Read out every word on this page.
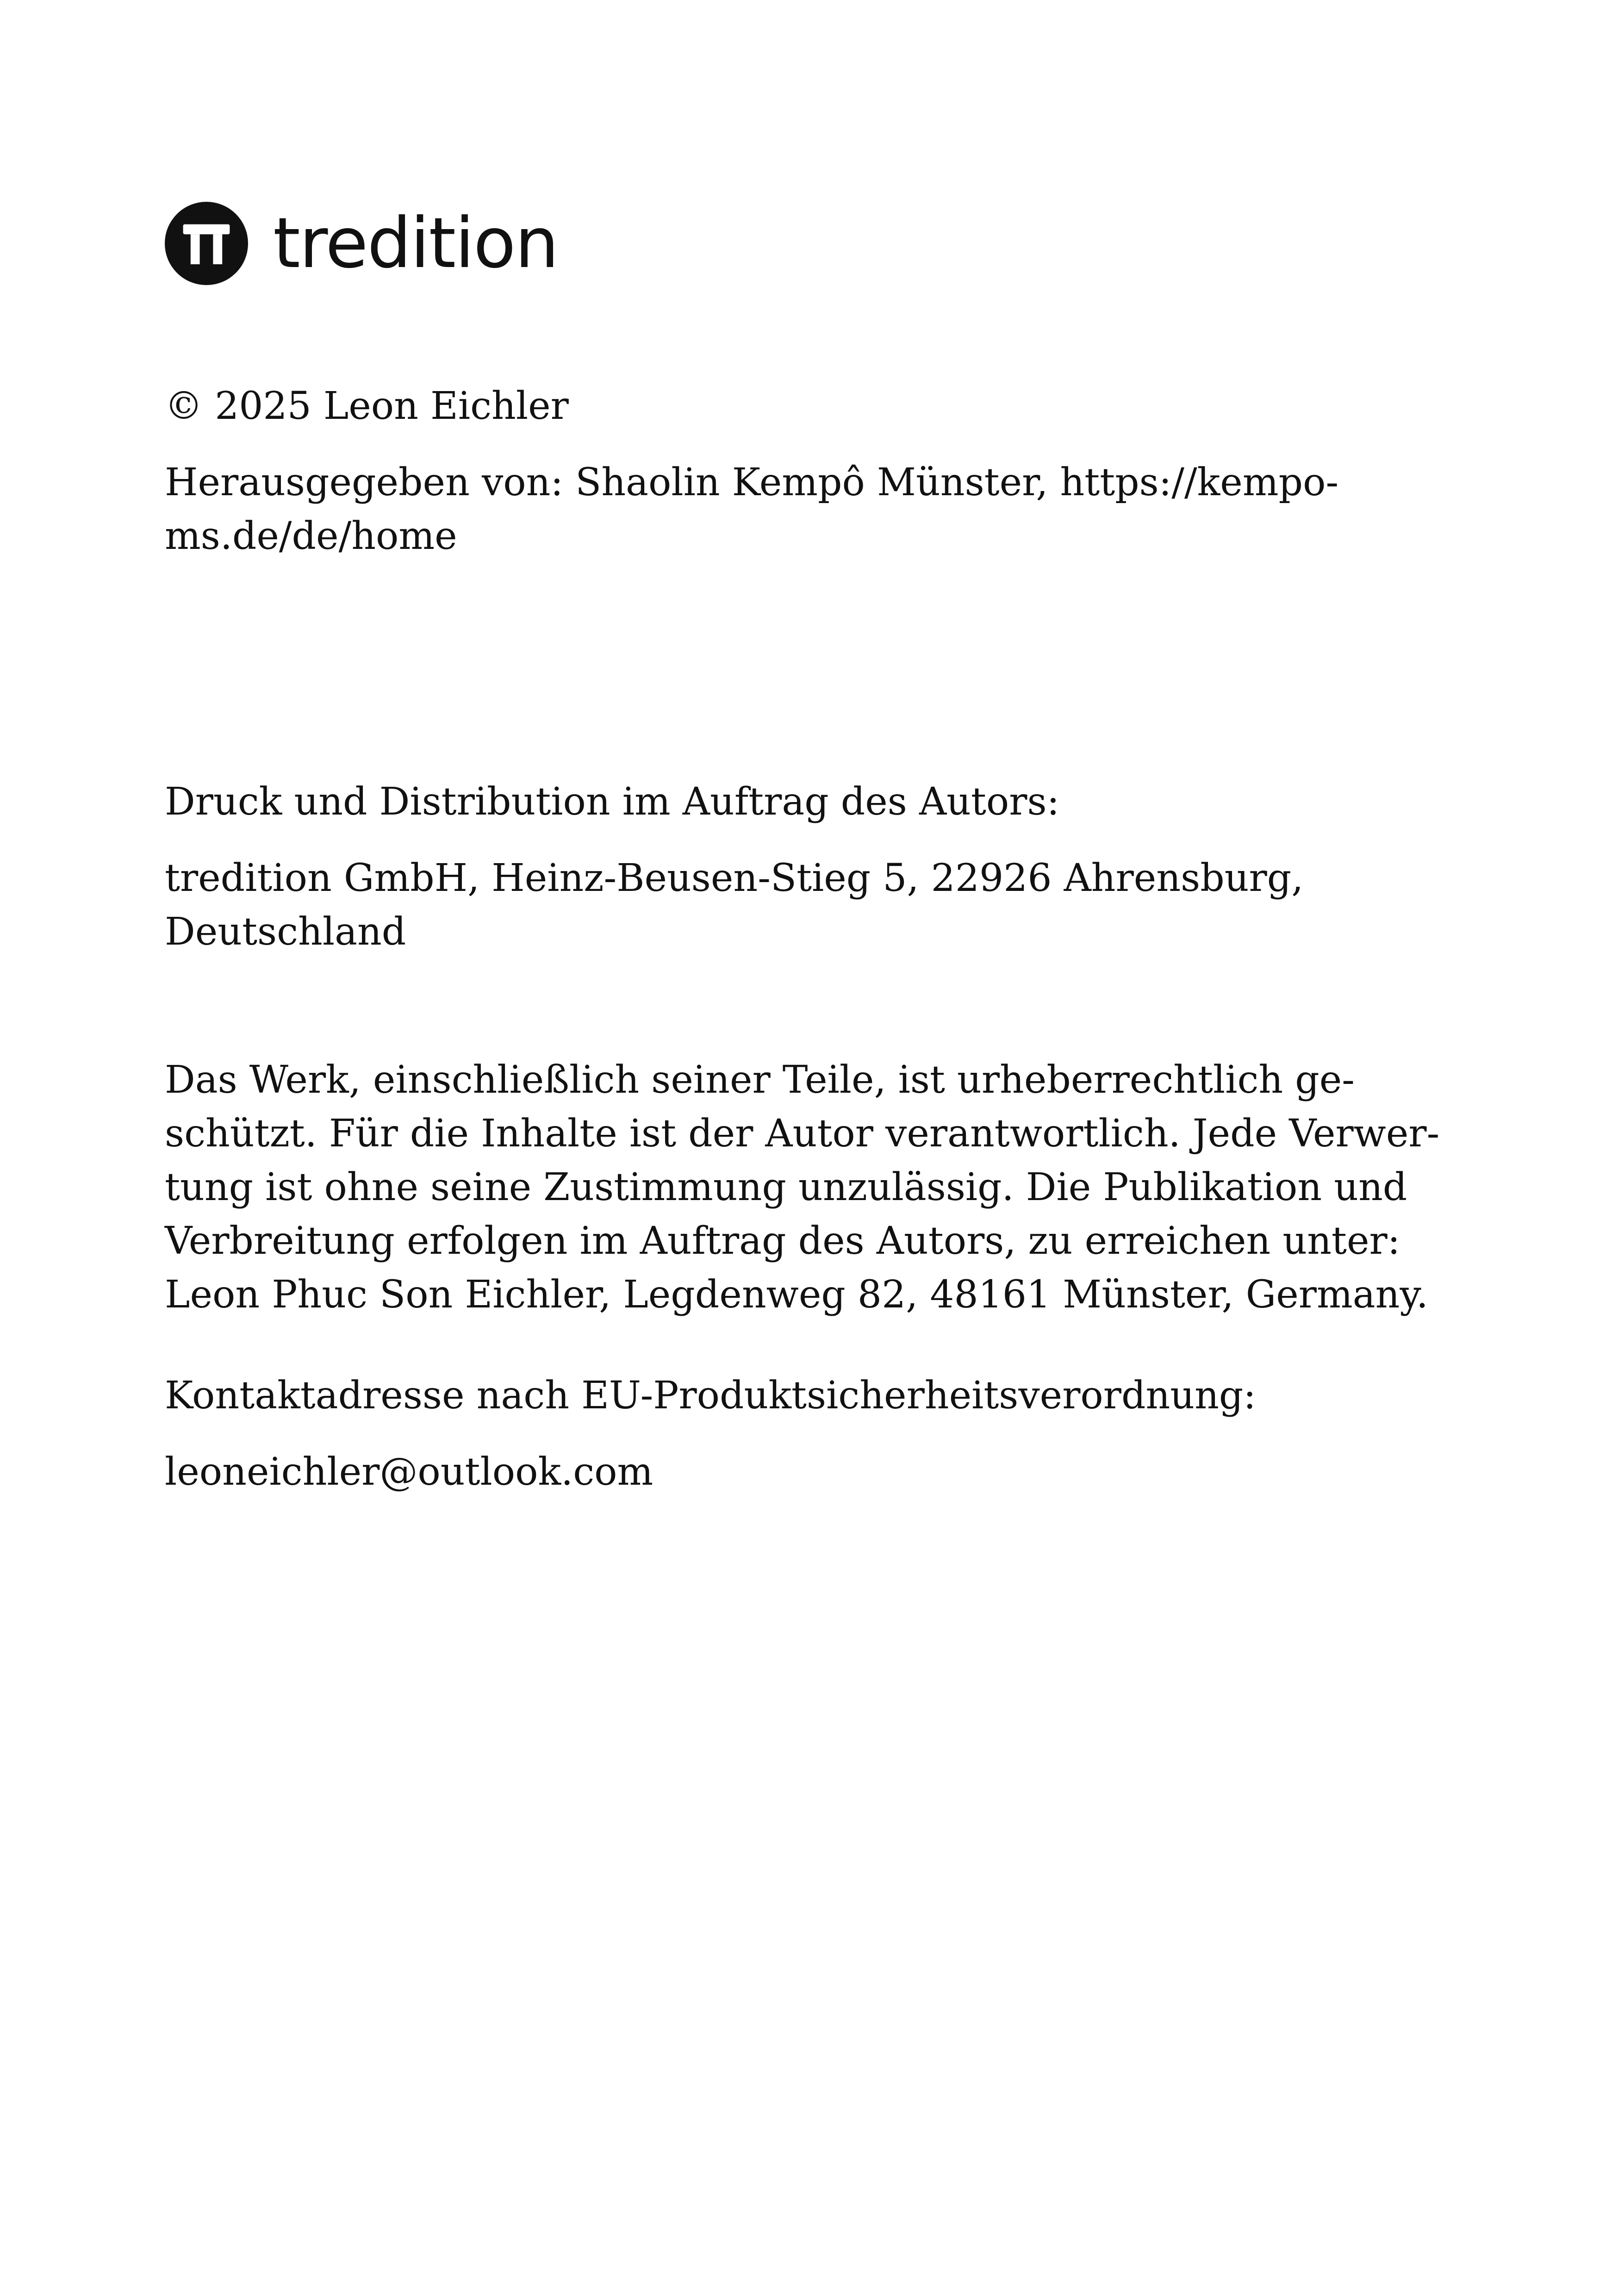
tredition

© 2025 Leon Eichler

Herausgegeben von: Shaolin Kempô Münster, https://kempo-
ms.de/de/home

Druck und Distribution im Auftrag des Autors:

tredition GmbH, Heinz-Beusen-Stieg 5, 22926 Ahrensburg,
Deutschland

Das Werk, einschließlich seiner Teile, ist urheberrechtlich ge-
schützt. Für die Inhalte ist der Autor verantwortlich. Jede Verwer-
tung ist ohne seine Zustimmung unzulässig. Die Publikation und
Verbreitung erfolgen im Auftrag des Autors, zu erreichen unter:
Leon Phuc Son Eichler, Legdenweg 82, 48161 Münster, Germany.

Kontaktadresse nach EU-Produktsicherheitsverordnung:

leoneichler@outlook.com
